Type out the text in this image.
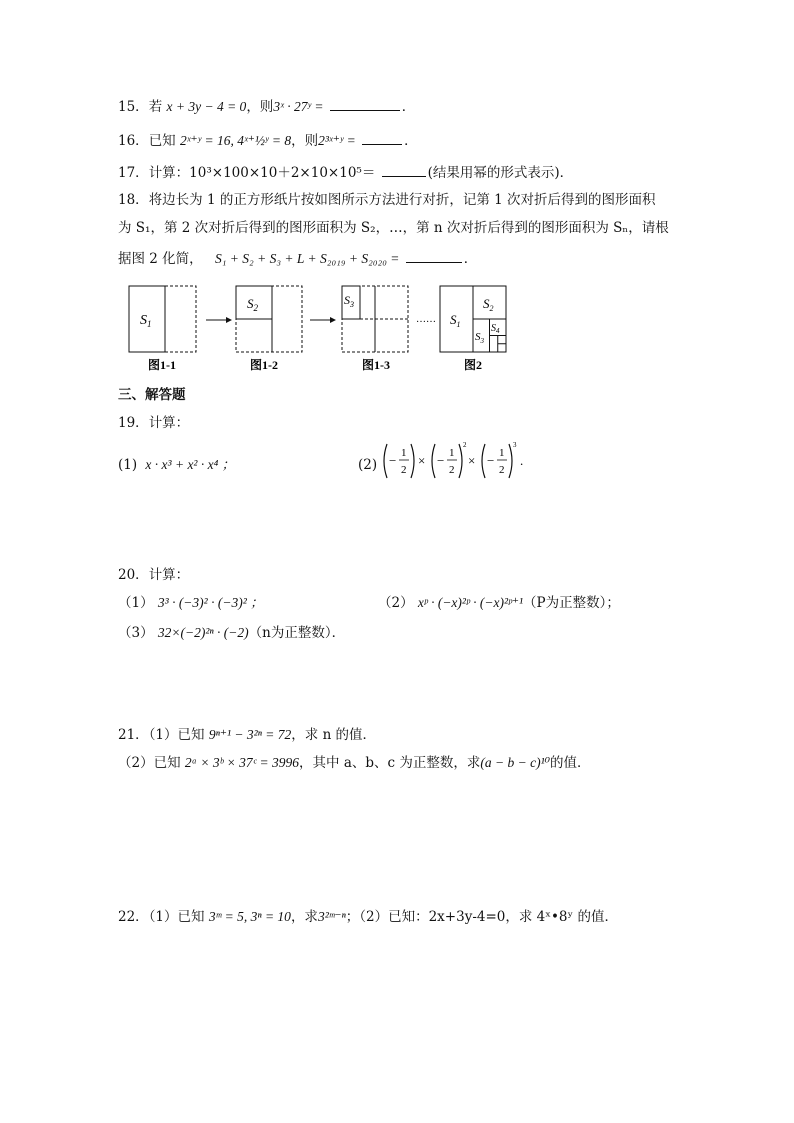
15．若 x + 3y − 4 = 0，则3ˣ · 27ʸ =	．
16．已知 2ˣ⁺ʸ = 16, 4ˣ⁺½ʸ = 8，则2³ˣ⁺ʸ =	．
17．计算：10³×100×10＋2×10×10⁵＝	(结果用幂的形式表示)．
18．将边长为 1 的正方形纸片按如图所示方法进行对折，记第 1 次对折后得到的图形面积
为 S₁，第 2 次对折后得到的图形面积为 S₂，…，第 n 次对折后得到的图形面积为 Sₙ，请根
据图 2 化简， S₁ + S₂ + S₃ + L + S₂₀₁₉ + S₂₀₂₀ =	．
$S_1$
图1-1
$S_2$
图1-2
$S_3$
图1-3
…… $S_1$
$S_2$
$S_3$
$S_4$
图2
三、解答题
19．计算：
(1) x · x³ + x² · x⁴ ；	(2) − 1
2
× − 1
2
2
× − 1
2
3
.
20．计算：
（1） 3³ · (−3)² · (−3)² ；	（2） xᵖ · (−x)²ᵖ · (−x)²ᵖ⁺¹（P为正整数）；
（3） 32×(−2)²ⁿ · (−2)（n为正整数）．
21．（1）已知 9ⁿ⁺¹ − 3²ⁿ = 72，求 n 的值．
（2）已知 2ᵃ × 3ᵇ × 37ᶜ = 3996，其中 a、b、c 为正整数，求(a − b − c)¹⁰的值．
22．（1）已知 3ᵐ = 5, 3ⁿ = 10，求3²ᵐ⁻ⁿ；（2）已知：2x+3y-4=0，求 4ˣ•8ʸ 的值．
